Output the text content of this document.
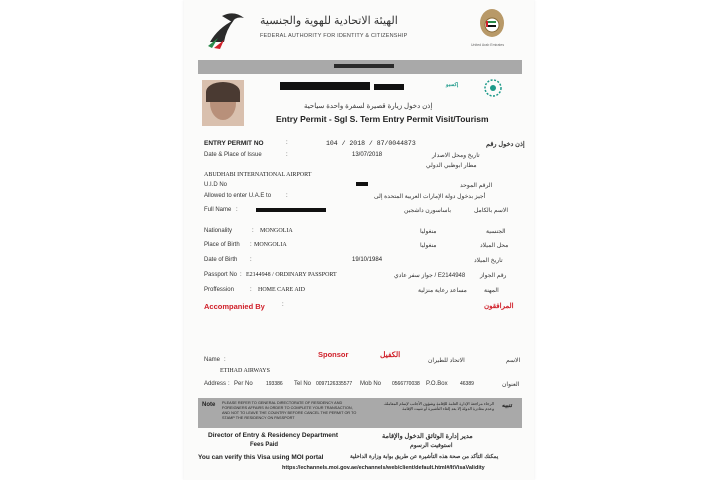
الهيئة الاتحادية للهوية والجنسية
FEDERAL AUTHORITY FOR IDENTITY & CITIZENSHIP
United Arab Emirates
إكسبو
إذن دخول زيارة قصيرة لسفرة واحدة سياحية
Entry Permit - Sgl S. Term Entry Permit Visit/Tourism
ENTRY PERMIT NO	:	104 / 2018 / 87/0044873	إذن دخول رقم
Date & Place of Issue	:	13/07/2018	تاريخ ومحل الاصدار
مطار ابوظبي الدولي
ABUDHABI INTERNATIONAL AIRPORT
U.I.D No	الرقم الموحد
Allowed to enter U.A.E to :	أجيز بدخول دولة الإمارات العربية المتحدة إلى
Full Name :	باساسورن داشجين	الاسم بالكامل
Nationality	: MONGOLIA	منغوليا	الجنسية
Place of Birth : MONGOLIA	منغوليا	محل الميلاد
Date of Birth :	19/10/1984	تاريخ الميلاد
Passport No : E2144948 / ORDINARY PASSPORT	E2144948 / جواز سفر عادي رقم الجواز
Proffession	: HOME CARE AID	مساعد رعاية منزلية	المهنة
Accompanied By	:	المرافقون
Sponsor	الكفيل
Name :	الاتحاد للطيران	الاسم
ETIHAD AIRWAYS
Address : Per No	193386 Tel No 0097126335577 Mob No 0566770038 P.O.Box 46389	العنوان
Note PLEASE REFER TO GENERAL DIRECTORATE OF RESIDENCY AND FOREIGNERS AFFAIRS IN ORDER TO COMPLETE YOUR TRANSACTION, AND NOT TO LEAVE THE COUNTRY BEFORE CANCEL THE PERMIT OR TO STAMP THE RESIDENCY ON PASSPORT
الرجاء مراجعة الإدارة العامة للإقامة وشؤون الأجانب لإتمام المعاملة، وعدم مغادرة الدولة إلا بعد إلغاء التأشيرة أو تثبيت الإقامة تنبيه
Director of Entry & Residency Department	مدير إدارة الوثائق الدخول والإقامة
Fees Paid	استوفيت الرسوم
You can verify this Visa using MOI portal	يمكنك التأكد من صحة هذه التأشيرة عن طريق بوابة وزارة الداخلية
https://echannels.moi.gov.ae/echannels/web/client/default.html#/ItVisaValidity
